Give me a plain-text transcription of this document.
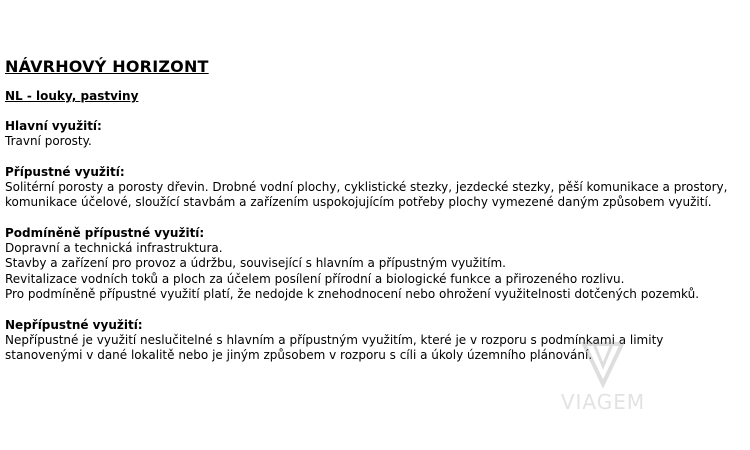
NÁVRHOVÝ HORIZONT
NL - louky, pastviny
Hlavní využití:
Travní porosty.
Přípustné využití:
Solitérní porosty a porosty dřevin. Drobné vodní plochy, cyklistické stezky, jezdecké stezky, pěší komunikace a prostory,
komunikace účelové, sloužící stavbám a zařízením uspokojujícím potřeby plochy vymezené daným způsobem využití.
Podmíněně přípustné využití:
Dopravní a technická infrastruktura.
Stavby a zařízení pro provoz a údržbu, související s hlavním a přípustným využitím.
Revitalizace vodních toků a ploch za účelem posílení přírodní a biologické funkce a přirozeného rozlivu.
Pro podmíněně přípustné využití platí, že nedojde k znehodnocení nebo ohrožení využitelnosti dotčených pozemků.
Nepřípustné využití:
Nepřípustné je využití neslučitelné s hlavním a přípustným využitím, které je v rozporu s podmínkami a limity
stanovenými v dané lokalitě nebo je jiným způsobem v rozporu s cíli a úkoly územního plánování.
VIAGEM
